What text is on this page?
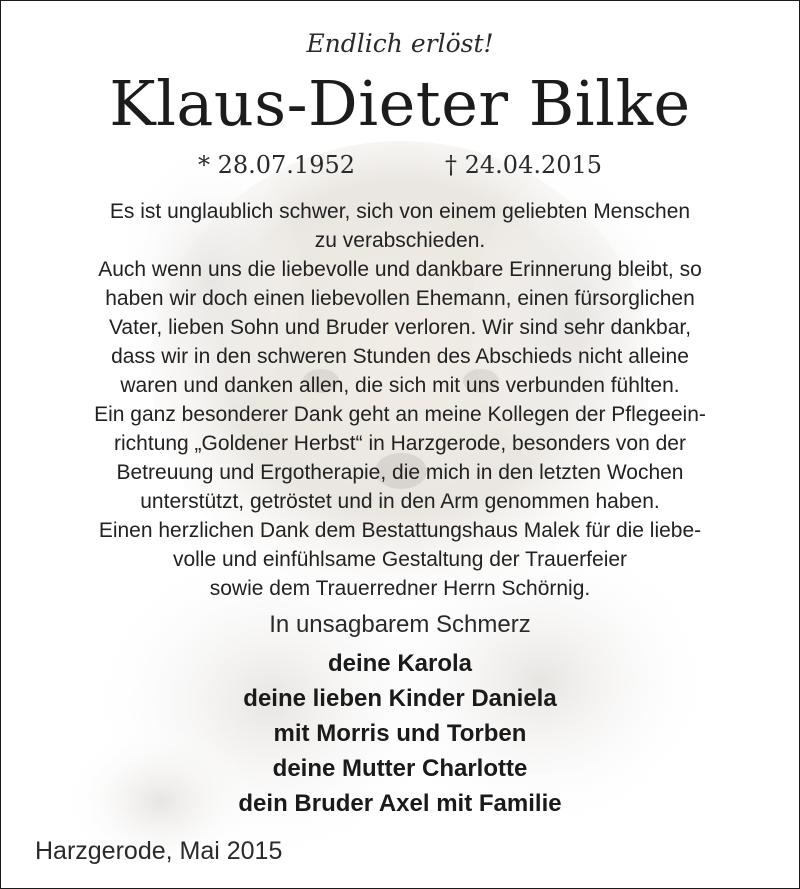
Endlich erlöst!
Klaus-Dieter Bilke
* 28.07.1952	† 24.04.2015
Es ist unglaublich schwer, sich von einem geliebten Menschen
zu verabschieden.
Auch wenn uns die liebevolle und dankbare Erinnerung bleibt, so
haben wir doch einen liebevollen Ehemann, einen fürsorglichen
Vater, lieben Sohn und Bruder verloren. Wir sind sehr dankbar,
dass wir in den schweren Stunden des Abschieds nicht alleine
waren und danken allen, die sich mit uns verbunden fühlten.
Ein ganz besonderer Dank geht an meine Kollegen der Pflegeein-
richtung „Goldener Herbst“ in Harzgerode, besonders von der
Betreuung und Ergotherapie, die mich in den letzten Wochen
unterstützt, getröstet und in den Arm genommen haben.
Einen herzlichen Dank dem Bestattungshaus Malek für die liebe-
volle und einfühlsame Gestaltung der Trauerfeier
sowie dem Trauerredner Herrn Schörnig.
In unsagbarem Schmerz
deine Karola
deine lieben Kinder Daniela
mit Morris und Torben
deine Mutter Charlotte
dein Bruder Axel mit Familie
Harzgerode, Mai 2015
